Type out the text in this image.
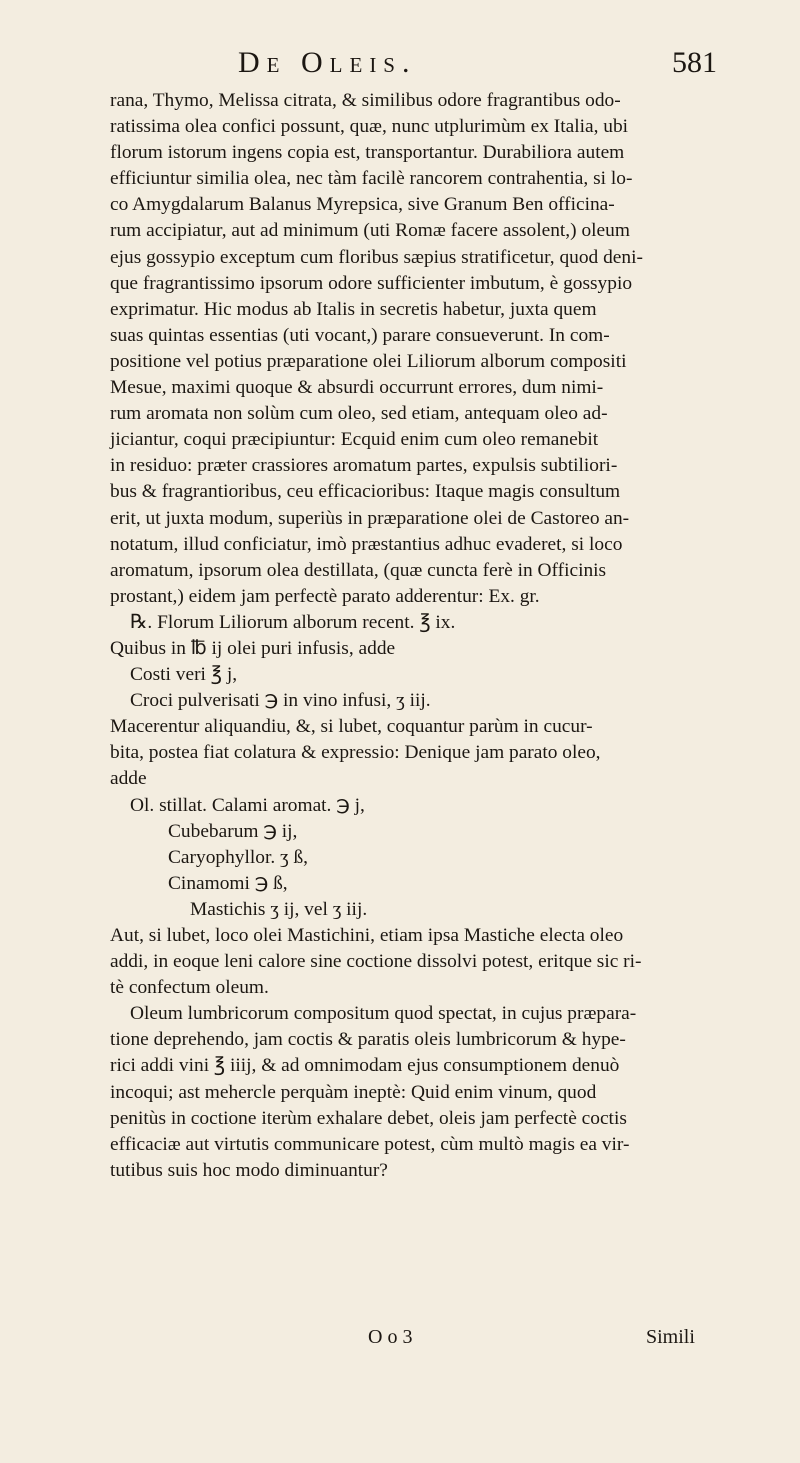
De Oleis.	581
rana, Thymo, Melissa citrata, & similibus odore fragrantibus odo-
ratissima olea confici possunt, quæ, nunc utplurimùm ex Italia, ubi
florum istorum ingens copia est, transportantur. Durabiliora autem
efficiuntur similia olea, nec tàm facilè rancorem contrahentia, si lo-
co Amygdalarum Balanus Myrepsica, sive Granum Ben officina-
rum accipiatur, aut ad minimum (uti Romæ facere assolent,) oleum
ejus gossypio exceptum cum floribus sæpius stratificetur, quod deni-
que fragrantissimo ipsorum odore sufficienter imbutum, è gossypio
exprimatur. Hic modus ab Italis in secretis habetur, juxta quem
suas quintas essentias (uti vocant,) parare consueverunt. In com-
positione vel potius præparatione olei Liliorum alborum compositi
Mesue, maximi quoque & absurdi occurrunt errores, dum nimi-
rum aromata non solùm cum oleo, sed etiam, antequam oleo ad-
jiciantur, coqui præcipiuntur: Ecquid enim cum oleo remanebit
in residuo: præter crassiores aromatum partes, expulsis subtiliori-
bus & fragrantioribus, ceu efficacioribus: Itaque magis consultum
erit, ut juxta modum, superiùs in præparatione olei de Castoreo an-
notatum, illud conficiatur, imò præstantius adhuc evaderet, si loco
aromatum, ipsorum olea destillata, (quæ cuncta ferè in Officinis
prostant,) eidem jam perfectè parato adderentur: Ex. gr.
℞. Florum Liliorum alborum recent. ℥ ix.
Quibus in ℔ ij olei puri infusis, adde
Costi veri ℥ j,
Croci pulverisati ℈ in vino infusi, ʒ iij.
Macerentur aliquandiu, &, si lubet, coquantur parùm in cucur-
bita, postea fiat colatura & expressio: Denique jam parato oleo,
adde
Ol. stillat. Calami aromat. ℈ j,
Cubebarum ℈ ij,
Caryophyllor. ʒ ß,
Cinamomi ℈ ß,
Mastichis ʒ ij, vel ʒ iij.
Aut, si lubet, loco olei Mastichini, etiam ipsa Mastiche electa oleo
addi, in eoque leni calore sine coctione dissolvi potest, eritque sic ri-
tè confectum oleum.
Oleum lumbricorum compositum quod spectat, in cujus præpara-
tione deprehendo, jam coctis & paratis oleis lumbricorum & hype-
rici addi vini ℥ iiij, & ad omnimodam ejus consumptionem denuò
incoqui; ast mehercle perquàm ineptè: Quid enim vinum, quod
penitùs in coctione iterùm exhalare debet, oleis jam perfectè coctis
efficaciæ aut virtutis communicare potest, cùm multò magis ea vir-
tutibus suis hoc modo diminuantur?
O o 3	Simili
